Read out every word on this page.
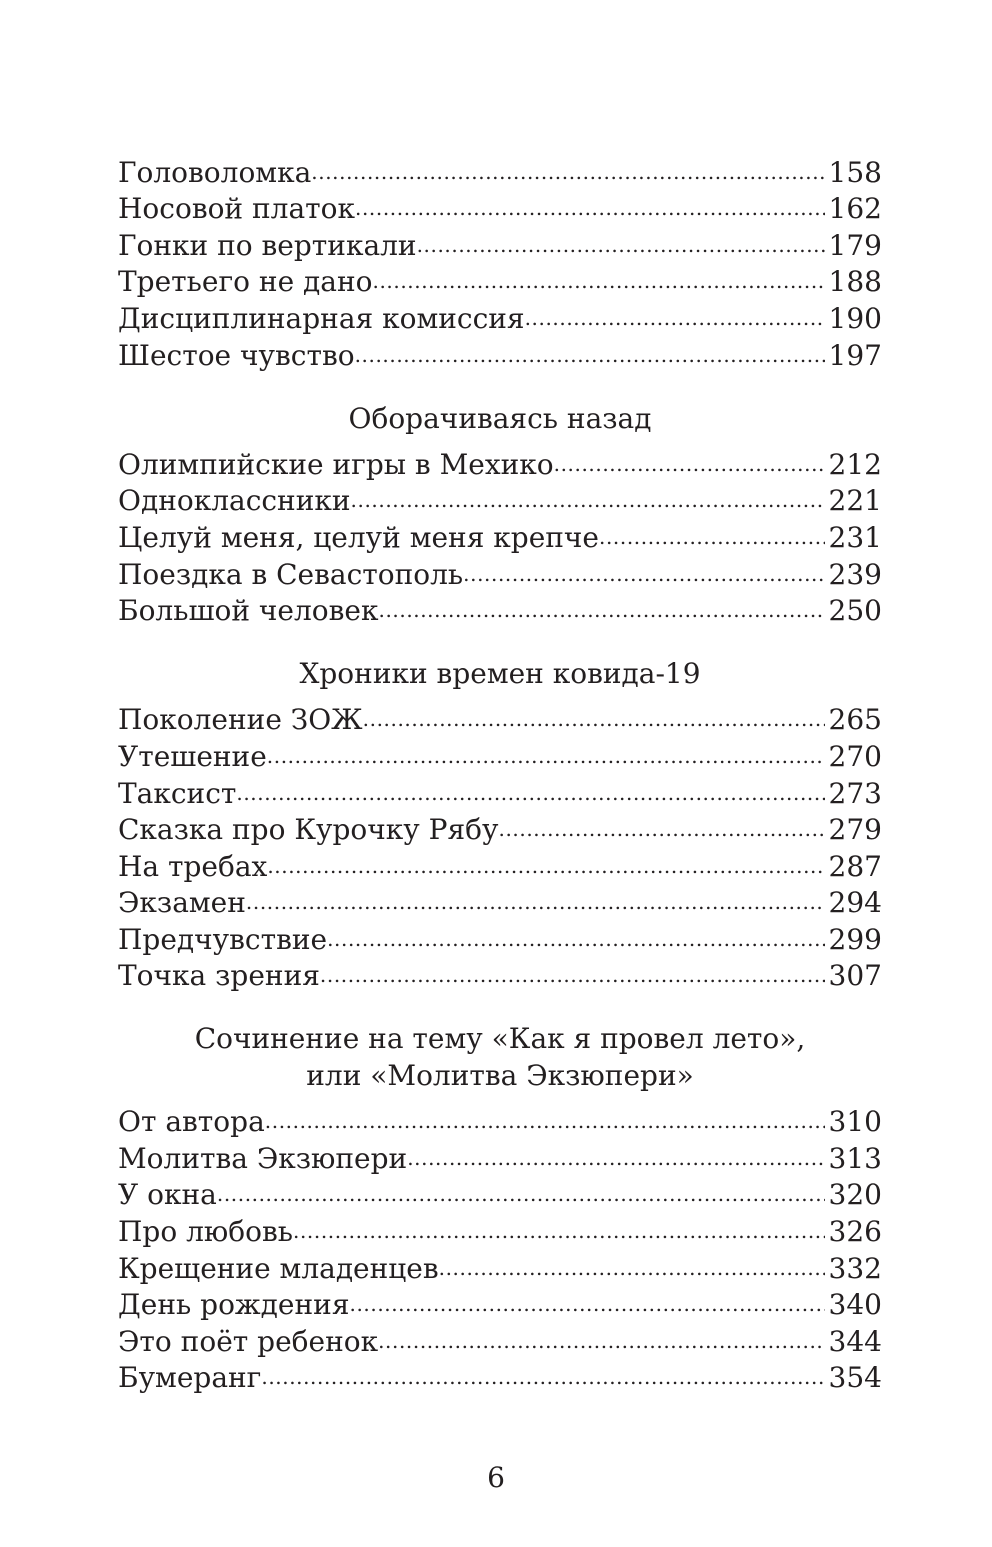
Головоломка .....	158
Носовой платок .....	162
Гонки по вертикали .....	179
Третьего не дано .....	188
Дисциплинарная комиссия .....	190
Шестое чувство .....	197
Оборачиваясь назад
Олимпийские игры в Мехико .....	212
Одноклассники .....	221
Целуй меня, целуй меня крепче .....	231
Поездка в Севастополь .....	239
Большой человек .....	250
Хроники времен ковида-19
Поколение ЗОЖ .....	265
Утешение .....	270
Таксист .....	273
Сказка про Курочку Рябу .....	279
На требах .....	287
Экзамен .....	294
Предчувствие .....	299
Точка зрения .....	307
Сочинение на тему «Как я провел лето»,
или «Молитва Экзюпери»
От автора .....	310
Молитва Экзюпери .....	313
У окна .....	320
Про любовь .....	326
Крещение младенцев .....	332
День рождения .....	340
Это поёт ребенок .....	344
Бумеранг .....	354
6
